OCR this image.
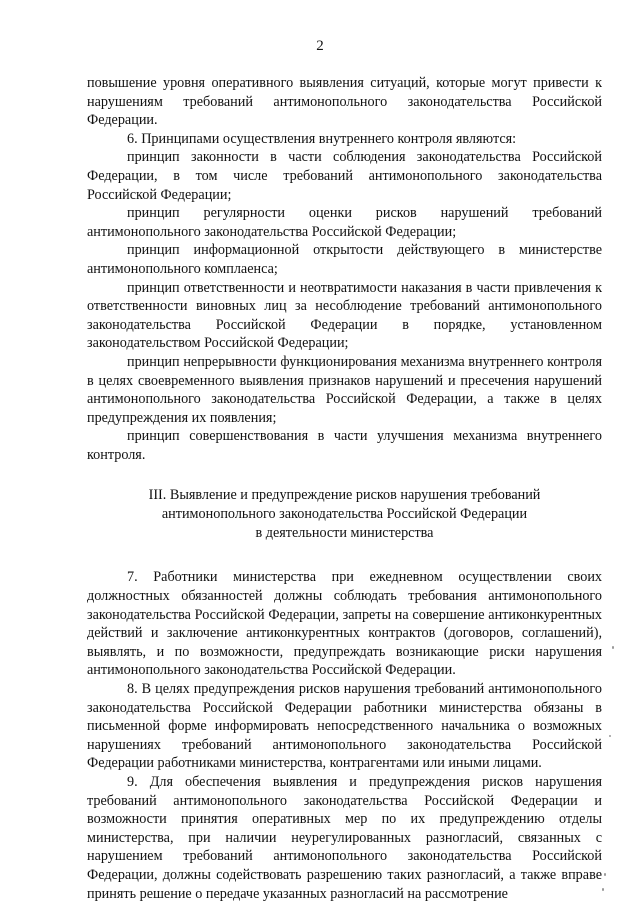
2

повышение уровня оперативного выявления ситуаций, которые могут привести к нарушениям требований антимонопольного законодательства Российской Федерации.

6. Принципами осуществления внутреннего контроля являются:

принцип законности в части соблюдения законодательства Российской Федерации, в том числе требований антимонопольного законодательства Российской Федерации;

принцип регулярности оценки рисков нарушений требований антимонопольного законодательства Российской Федерации;

принцип информационной открытости действующего в министерстве антимонопольного комплаенса;

принцип ответственности и неотвратимости наказания в части привлечения к ответственности виновных лиц за несоблюдение требований антимонопольного законодательства Российской Федерации в порядке, установленном законодательством Российской Федерации;

принцип непрерывности функционирования механизма внутреннего контроля в целях своевременного выявления признаков нарушений и пресечения нарушений антимонопольного законодательства Российской Федерации, а также в целях предупреждения их появления;

принцип совершенствования в части улучшения механизма внутреннего контроля.

III. Выявление и предупреждение рисков нарушения требований
антимонопольного законодательства Российской Федерации
в деятельности министерства

7. Работники министерства при ежедневном осуществлении своих должностных обязанностей должны соблюдать требования антимонопольного законодательства Российской Федерации, запреты на совершение антиконкурентных действий и заключение антиконкурентных контрактов (договоров, соглашений), выявлять, и по возможности, предупреждать возникающие риски нарушения антимонопольного законодательства Российской Федерации.

8. В целях предупреждения рисков нарушения требований антимонопольного законодательства Российской Федерации работники министерства обязаны в письменной форме информировать непосредственного начальника о возможных нарушениях требований антимонопольного законодательства Российской Федерации работниками министерства, контрагентами или иными лицами.

9. Для обеспечения выявления и предупреждения рисков нарушения требований антимонопольного законодательства Российской Федерации и возможности принятия оперативных мер по их предупреждению отделы министерства, при наличии неурегулированных разногласий, связанных с нарушением требований антимонопольного законодательства Российской Федерации, должны содействовать разрешению таких разногласий, а также вправе принять решение о передаче указанных разногласий на рассмотрение
